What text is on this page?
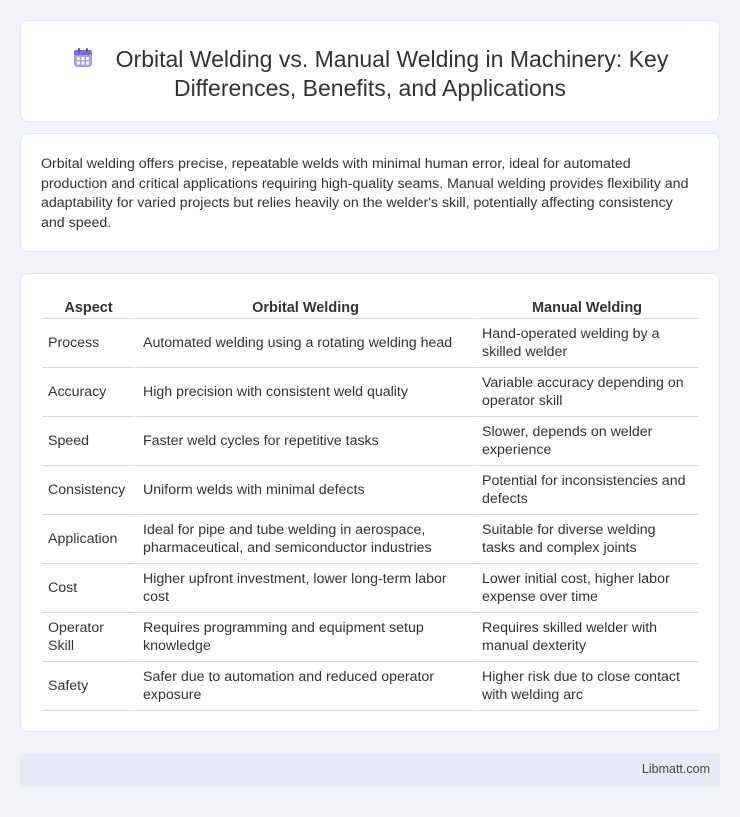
Orbital Welding vs. Manual Welding in Machinery: Key Differences, Benefits, and Applications

Orbital welding offers precise, repeatable welds with minimal human error, ideal for automated production and critical applications requiring high-quality seams. Manual welding provides flexibility and adaptability for varied projects but relies heavily on the welder's skill, potentially affecting consistency and speed.

Aspect	Orbital Welding	Manual Welding
Process	Automated welding using a rotating welding head	Hand-operated welding by a skilled welder
Accuracy	High precision with consistent weld quality	Variable accuracy depending on operator skill
Speed	Faster weld cycles for repetitive tasks	Slower, depends on welder experience
Consistency	Uniform welds with minimal defects	Potential for inconsistencies and defects
Application	Ideal for pipe and tube welding in aerospace, pharmaceutical, and semiconductor industries	Suitable for diverse welding tasks and complex joints
Cost	Higher upfront investment, lower long-term labor cost	Lower initial cost, higher labor expense over time
Operator Skill	Requires programming and equipment setup knowledge	Requires skilled welder with manual dexterity
Safety	Safer due to automation and reduced operator exposure	Higher risk due to close contact with welding arc
Libmatt.com
